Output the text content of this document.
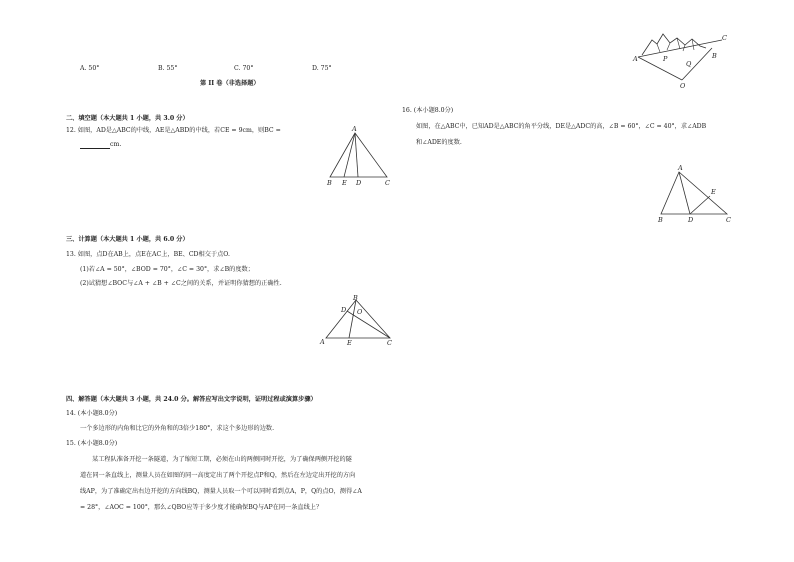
A	P
Q
B
C
O
A. 50°	B. 55°	C. 70°	D. 75°
第 II 卷（非选择题）
二、填空题（本大题共 1 小题，共 3.0 分）
12. 如图，AD是△ABC的中线，AE是△ABD的中线，若CE = 9cm，则BC =
cm.
A
B E D	C
三、计算题（本大题共 1 小题，共 6.0 分）
13. 如图，点D在AB上，点E在AC上，BE、CD相交于点O.
(1)若∠A = 50°，∠BOD = 70°，∠C = 30°，求∠B的度数；
(2)试猜想∠BOC与∠A + ∠B + ∠C之间的关系，并证明你猜想的正确性.
D
B
O
A	E	C
四、解答题（本大题共 3 小题，共 24.0 分。解答应写出文字说明，证明过程或演算步骤）
14. (本小题8.0分)
一个多边形的内角和比它的外角和的3倍少180°，求这个多边形的边数.
15. (本小题8.0分)
某工程队准备开挖一条隧道，为了缩短工期，必须在山的两侧同时开挖，为了确保两侧开挖的隧
道在同一条直线上，测量人员在如图的同一高度定出了两个开挖点P和Q，然后在左边定出开挖的方向
线AP，为了准确定出右边开挖的方向线BQ，测量人员取一个可以同时看到点A，P，Q的点O，测得∠A
= 28°，∠AOC = 100°，那么∠QBO应等于多少度才能确保BQ与AP在同一条直线上？
16. (本小题8.0分)
如图，在△ABC中，已知AD是△ABC的角平分线，DE是△ADC的高，∠B = 60°，∠C = 40°，求∠ADB
和∠ADE的度数.
A
B	D
E
C
